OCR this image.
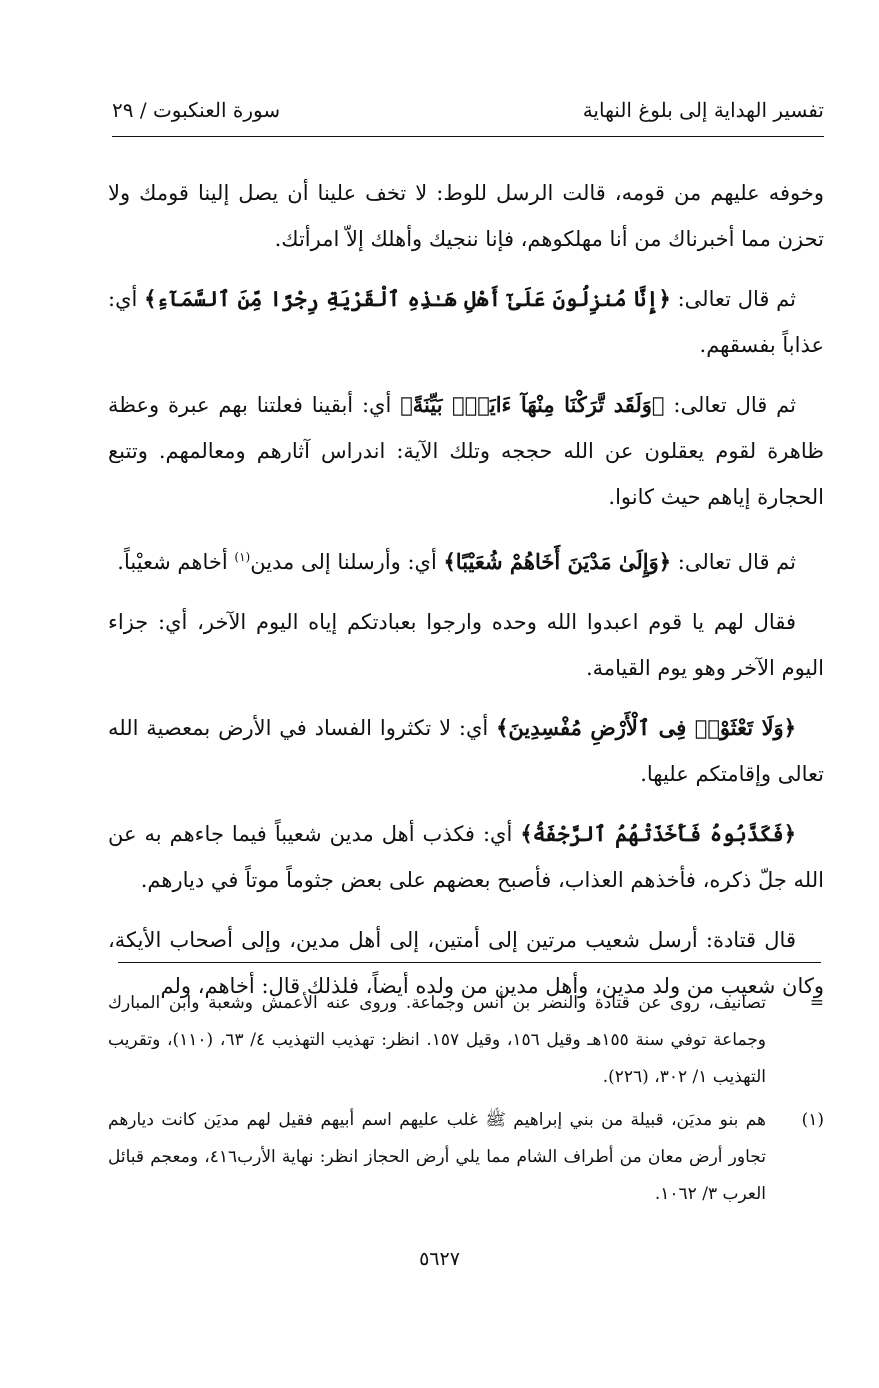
تفسير الهداية إلى بلوغ النهاية
سورة العنكبوت / ٢٩

وخوفه عليهم من قومه، قالت الرسل للوط: لا تخف علينا أن يصل إلينا قومك ولا تحزن مما أخبرناك من أنا مهلكوهم، فإنا ننجيك وأهلك إلاّ امرأتك.

ثم قال تعالى: ﴿إِنَّا مُنزِلُونَ عَلَىٰٓ أَهْلِ هَـٰذِهِ ٱلْقَرْيَةِ رِجْزًا مِّنَ ٱلسَّمَآءِ﴾ أي: عذاباً بفسقهم.

ثم قال تعالى: ﴿وَلَقَد تَّرَكْنَا مِنْهَآ ءَايَةًۢ بَيِّنَةً﴾ أي: أبقينا فعلتنا بهم عبرة وعظة ظاهرة لقوم يعقلون عن الله حججه وتلك الآية: اندراس آثارهم ومعالمهم. وتتبع الحجارة إياهم حيث كانوا.

ثم قال تعالى: ﴿وَإِلَىٰ مَدْيَنَ أَخَاهُمْ شُعَيْبًا﴾ أي: وأرسلنا إلى مدين$^{(١)}$ أخاهم شعيْباً.

فقال لهم يا قوم اعبدوا الله وحده وارجوا بعبادتكم إياه اليوم الآخر، أي: جزاء اليوم الآخر وهو يوم القيامة.

﴿وَلَا تَعْثَوْا۟ فِى ٱلْأَرْضِ مُفْسِدِينَ﴾ أي: لا تكثروا الفساد في الأرض بمعصية الله تعالى وإقامتكم عليها.

﴿فَكَذَّبُوهُ فَأَخَذَتْهُمُ ٱلرَّجْفَةُ﴾ أي: فكذب أهل مدين شعيباً فيما جاءهم به عن الله جلّ ذكره، فأخذهم العذاب، فأصبح بعضهم على بعض جثوماً موتاً في ديارهم.

قال قتادة: أرسل شعيب مرتين إلى أمتين، إلى أهل مدين، وإلى أصحاب الأيكة، وكان شعيب من ولد مدين، وأهل مدين من ولده أيضاً، فلذلك قال: أخاهم، ولم

=
تصانيف، روى عن قتادة والنضر بن أنس وجماعة. وروى عنه الأعمش وشعبة وابن المبارك وجماعة توفي سنة ١٥٥هـ وقيل ١٥٦، وقيل ١٥٧. انظر: تهذيب التهذيب ٤/ ٦٣، (١١٠)، وتقريب التهذيب ١/ ٣٠٢، (٢٢٦).
(١)
هم بنو مديَن، قبيلة من بني إبراهيم ﷺ غلب عليهم اسم أبيهم فقيل لهم مديَن كانت ديارهم تجاور أرض معان من أطراف الشام مما يلي أرض الحجاز انظر: نهاية الأرب٤١٦، ومعجم قبائل العرب ٣/ ١٠٦٢.
٥٦٢٧
